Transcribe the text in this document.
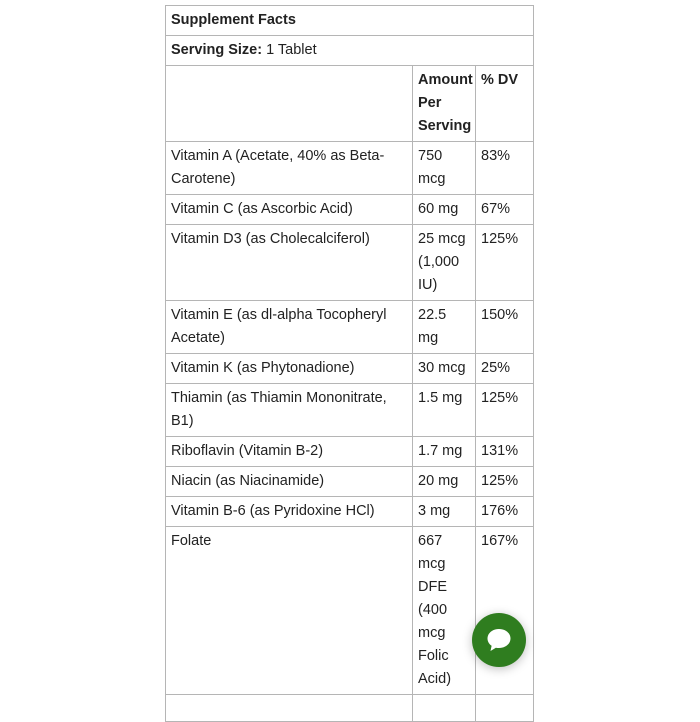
Supplement Facts		
Serving Size: 1 Tablet		
	Amount Per Serving	% DV
Vitamin A (Acetate, 40% as Beta-Carotene)	750 mcg	83%
Vitamin C (as Ascorbic Acid)	60 mg	67%
Vitamin D3 (as Cholecalciferol)	25 mcg (1,000 IU)	125%
Vitamin E (as dl-alpha Tocopheryl Acetate)	22.5 mg	150%
Vitamin K (as Phytonadione)	30 mcg	25%
Thiamin (as Thiamin Mononitrate, B1)	1.5 mg	125%
Riboflavin (Vitamin B-2)	1.7 mg	131%
Niacin (as Niacinamide)	20 mg	125%
Vitamin B-6 (as Pyridoxine HCl)	3 mg	176%
Folate	667 mcg DFE (400 mcg Folic Acid)	167%
